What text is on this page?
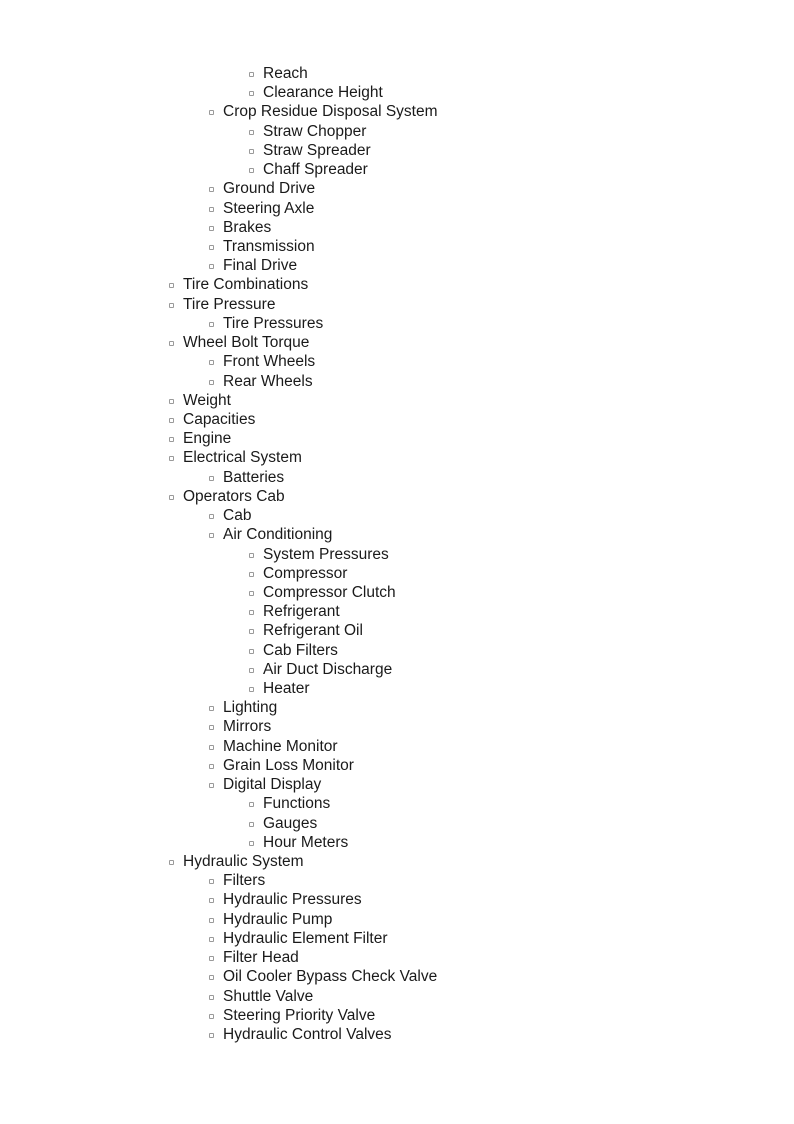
Reach
Clearance Height
Crop Residue Disposal System
Straw Chopper
Straw Spreader
Chaff Spreader
Ground Drive
Steering Axle
Brakes
Transmission
Final Drive
Tire Combinations
Tire Pressure
Tire Pressures
Wheel Bolt Torque
Front Wheels
Rear Wheels
Weight
Capacities
Engine
Electrical System
Batteries
Operators Cab
Cab
Air Conditioning
System Pressures
Compressor
Compressor Clutch
Refrigerant
Refrigerant Oil
Cab Filters
Air Duct Discharge
Heater
Lighting
Mirrors
Machine Monitor
Grain Loss Monitor
Digital Display
Functions
Gauges
Hour Meters
Hydraulic System
Filters
Hydraulic Pressures
Hydraulic Pump
Hydraulic Element Filter
Filter Head
Oil Cooler Bypass Check Valve
Shuttle Valve
Steering Priority Valve
Hydraulic Control Valves
